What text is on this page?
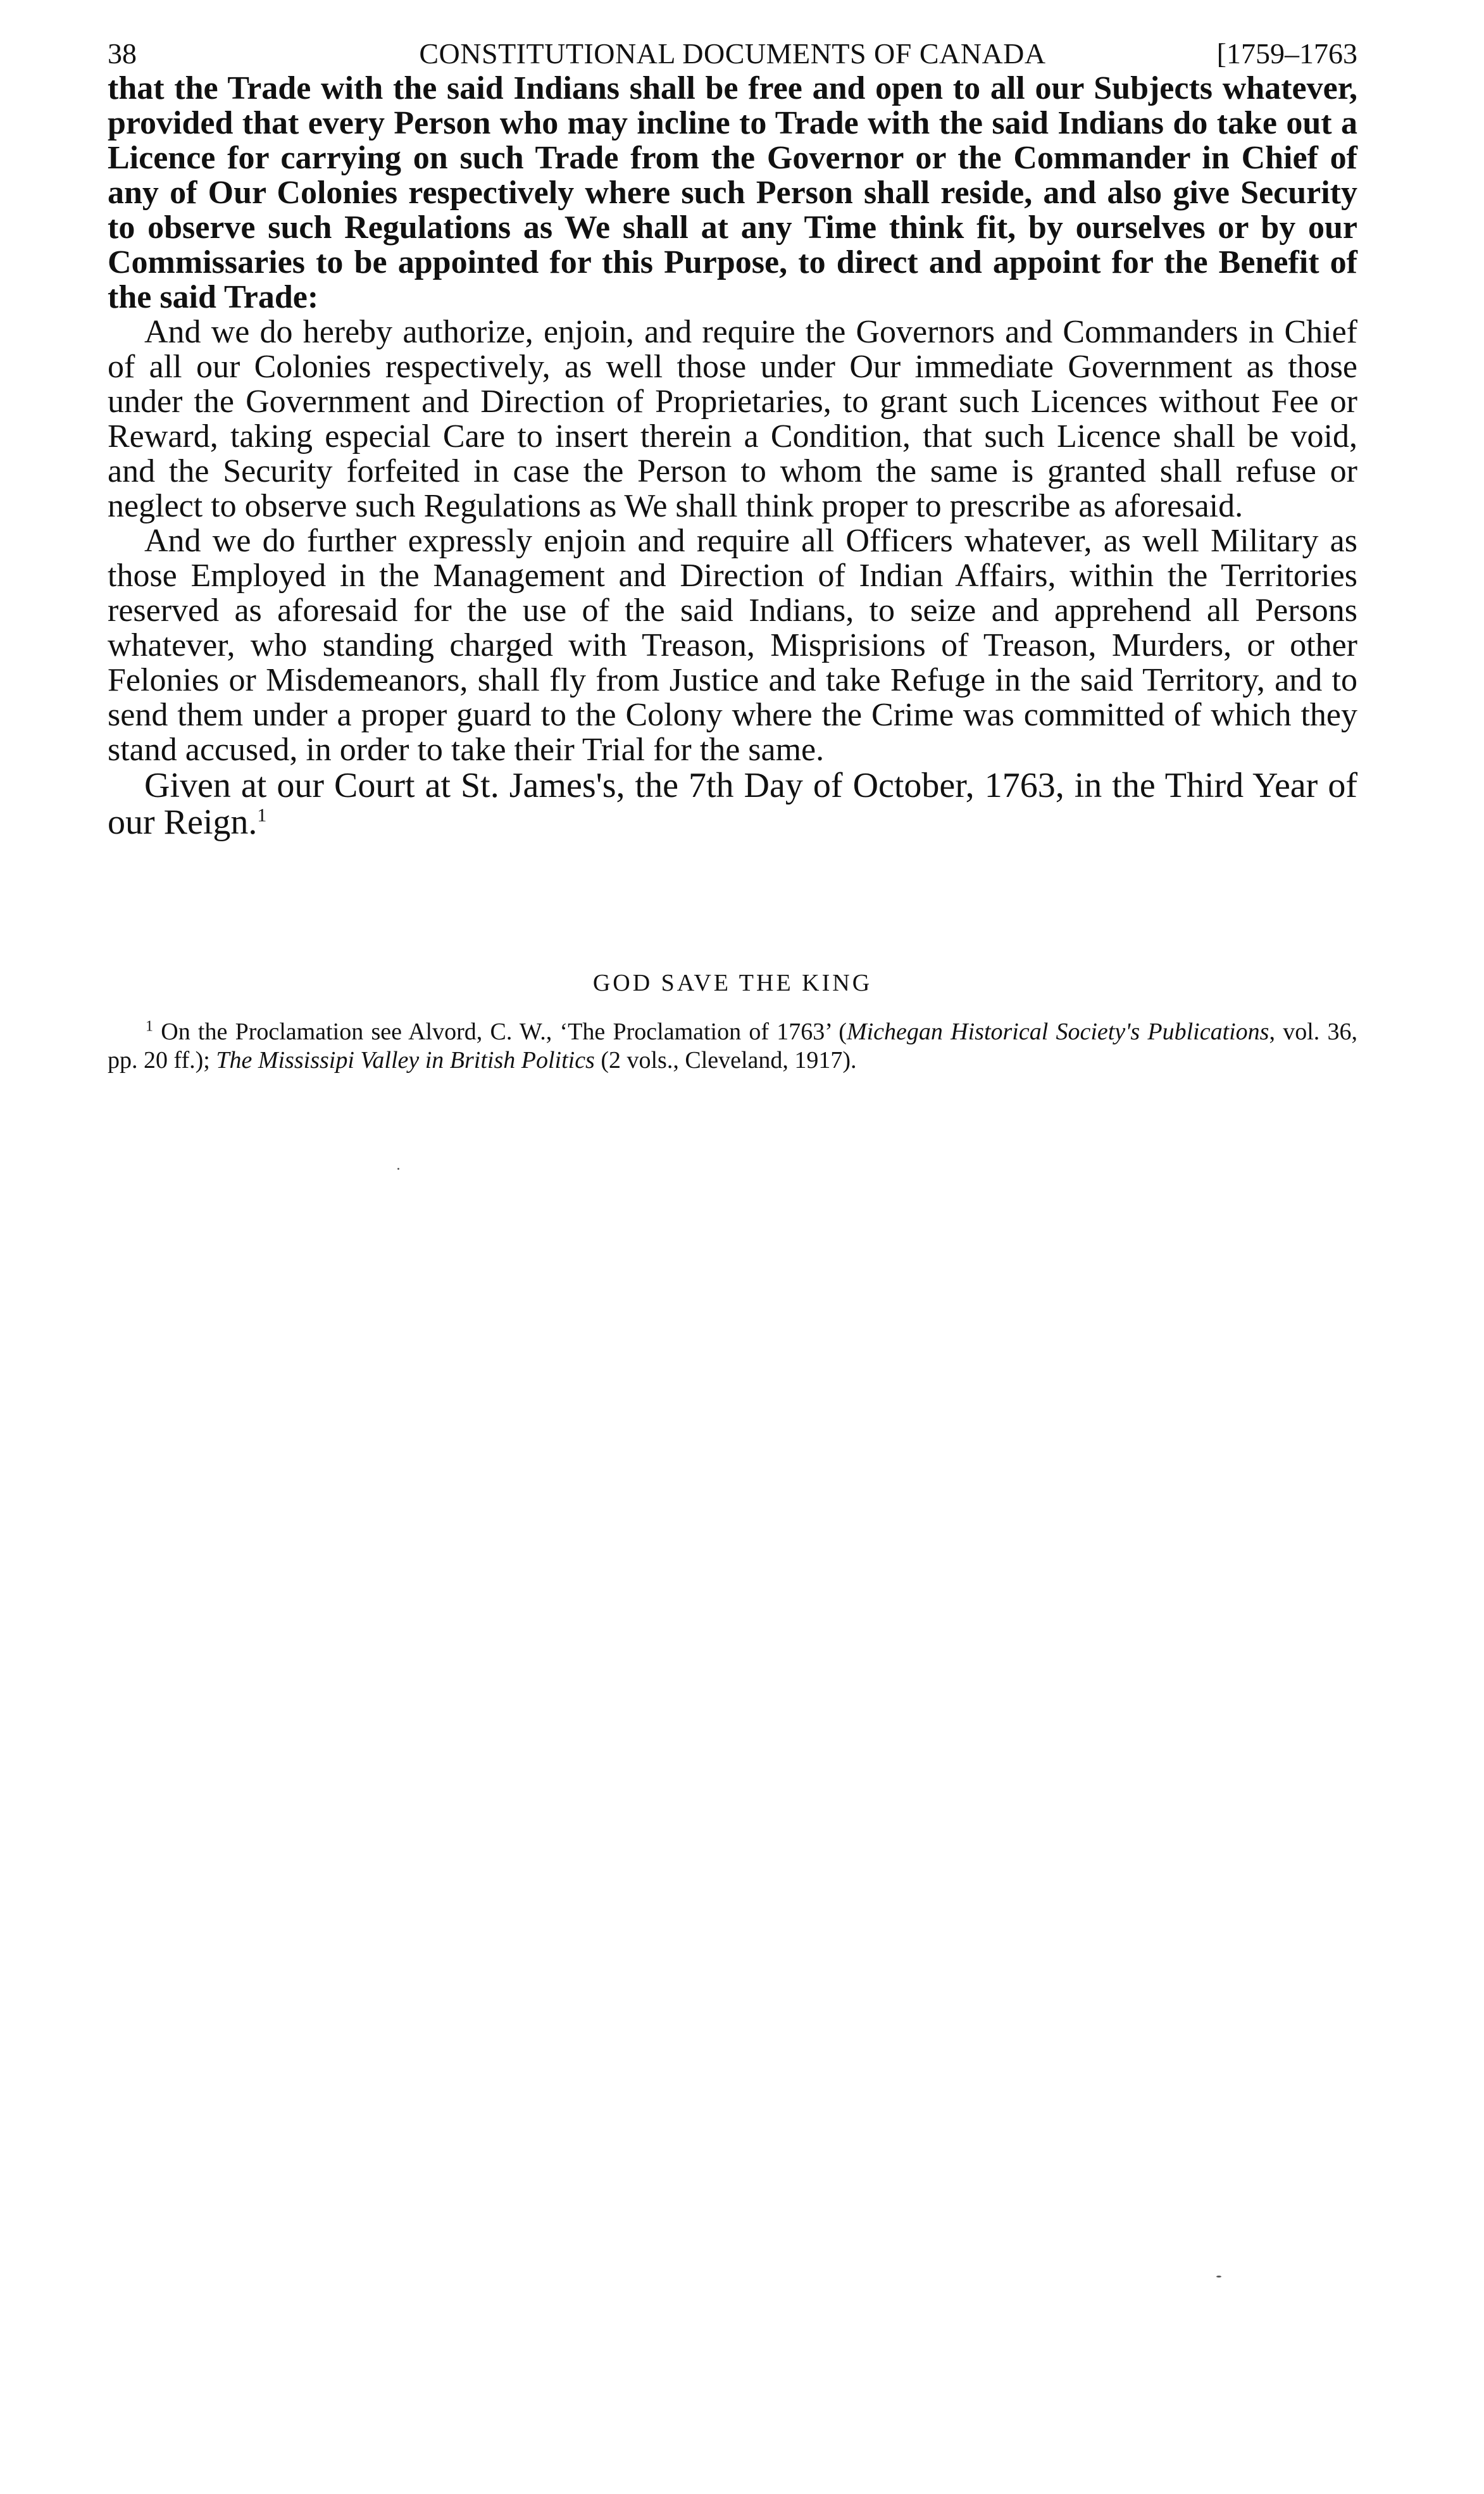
38	CONSTITUTIONAL DOCUMENTS OF CANADA	[1759–1763

that the Trade with the said Indians shall be free and open to all our Subjects whatever, provided that every Person who may incline to Trade with the said Indians do take out a Licence for carrying on such Trade from the Governor or the Commander in Chief of any of Our Colonies respectively where such Person shall reside, and also give Security to observe such Regulations as We shall at any Time think fit, by ourselves or by our Commissaries to be appointed for this Purpose, to direct and appoint for the Benefit of the said Trade:

And we do hereby authorize, enjoin, and require the Governors and Commanders in Chief of all our Colonies respectively, as well those under Our immediate Government as those under the Government and Direction of Proprietaries, to grant such Licences without Fee or Reward, taking especial Care to insert therein a Condition, that such Licence shall be void, and the Security forfeited in case the Person to whom the same is granted shall refuse or neglect to observe such Regulations as We shall think proper to prescribe as aforesaid.

And we do further expressly enjoin and require all Officers whatever, as well Military as those Employed in the Management and Direction of Indian Affairs, within the Territories reserved as aforesaid for the use of the said Indians, to seize and apprehend all Persons whatever, who standing charged with Treason, Misprisions of Treason, Murders, or other Felonies or Misdemeanors, shall fly from Justice and take Refuge in the said Territory, and to send them under a proper guard to the Colony where the Crime was committed of which they stand accused, in order to take their Trial for the same.

Given at our Court at St. James's, the 7th Day of October, 1763, in the Third Year of our Reign.$^1$

GOD SAVE THE KING

$^1$ On the Proclamation see Alvord, C. W., ‘The Proclamation of 1763’ (Michegan Historical Society's Publications, vol. 36, pp. 20 ff.); The Mississipi Valley in British Politics (2 vols., Cleveland, 1917).
